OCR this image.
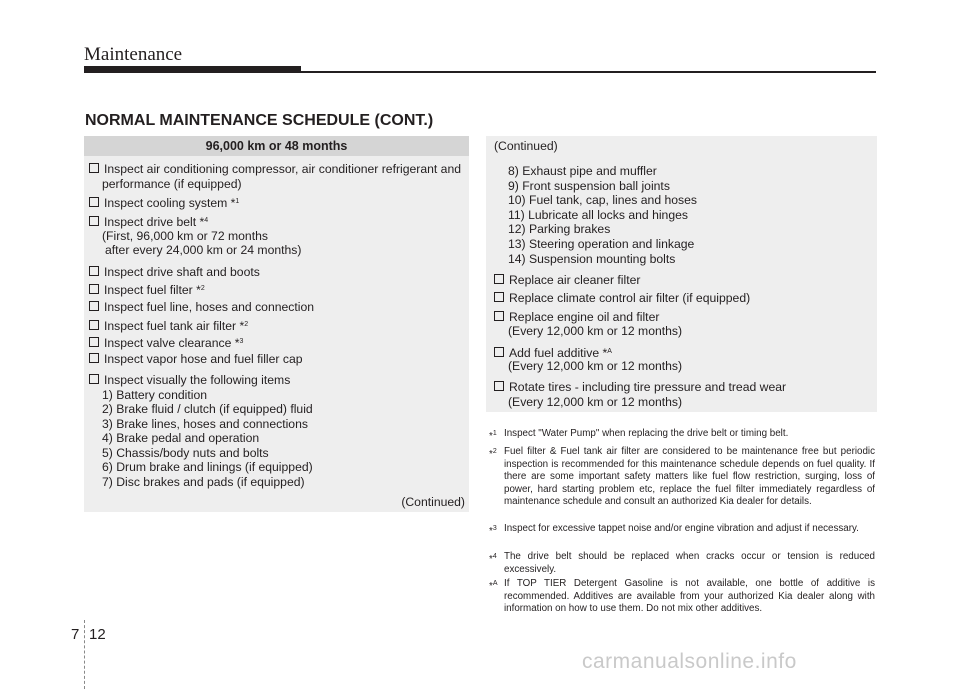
Maintenance
NORMAL MAINTENANCE SCHEDULE (CONT.)
96,000 km or 48 months
Inspect air conditioning compressor, air conditioner refrigerant and
performance (if equipped)
Inspect cooling system *$^1$
Inspect drive belt *$^4$
(First, 96,000 km or 72 months
after every 24,000 km or 24 months)
Inspect drive shaft and boots
Inspect fuel filter *$^2$
Inspect fuel line, hoses and connection
Inspect fuel tank air filter *$^2$
Inspect valve clearance *$^3$
Inspect vapor hose and fuel filler cap
Inspect visually the following items
1) Battery condition
2) Brake fluid / clutch (if equipped) fluid
3) Brake lines, hoses and connections
4) Brake pedal and operation
5) Chassis/body nuts and bolts
6) Drum brake and linings (if equipped)
7) Disc brakes and pads (if equipped)
(Continued)
(Continued)
8) Exhaust pipe and muffler
9) Front suspension ball joints
10) Fuel tank, cap, lines and hoses
11) Lubricate all locks and hinges
12) Parking brakes
13) Steering operation and linkage
14) Suspension mounting bolts
Replace air cleaner filter
Replace climate control air filter (if equipped)
Replace engine oil and filter
(Every 12,000 km or 12 months)
Add fuel additive *$^A$
(Every 12,000 km or 12 months)
Rotate tires - including tire pressure and tread wear
(Every 12,000 km or 12 months)
*$^1$ Inspect "Water Pump" when replacing the drive belt or timing belt.
*$^2$ Fuel filter & Fuel tank air filter are considered to be maintenance free but periodic inspection is recommended for this maintenance schedule depends on fuel quality. If there are some important safety matters like fuel flow restriction, surging, loss of power, hard starting problem etc, replace the fuel filter immediately regardless of maintenance schedule and consult an authorized Kia dealer for details.
*$^3$ Inspect for excessive tappet noise and/or engine vibration and adjust if necessary.
*$^4$ The drive belt should be replaced when cracks occur or tension is reduced excessively.
*$^A$ If TOP TIER Detergent Gasoline is not available, one bottle of additive is recommended. Additives are available from your authorized Kia dealer along with information on how to use them. Do not mix other additives.
7 12
carmanualsonline.info
